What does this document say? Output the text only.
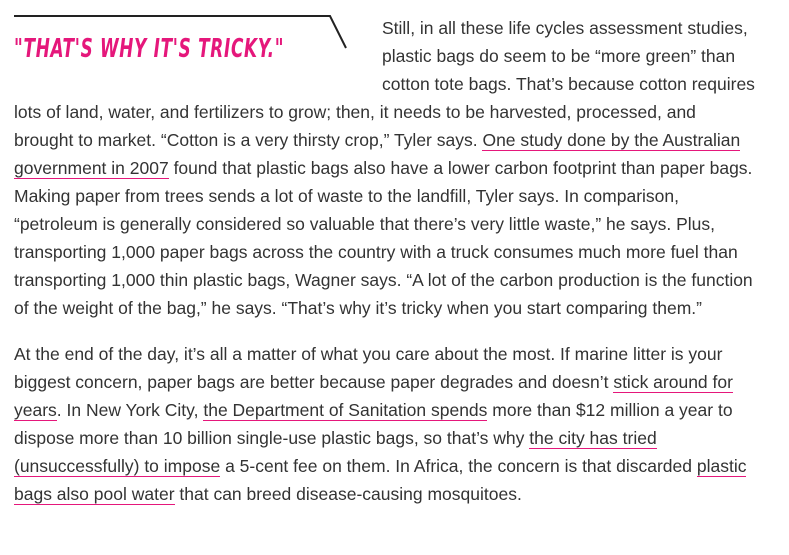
"THAT'S WHY IT'S TRICKY."

Still, in all these life cycles assessment studies, plastic bags do seem to be “more green” than cotton tote bags. That’s because cotton requires lots of land, water, and fertilizers to grow; then, it needs to be harvested, processed, and brought to market. “Cotton is a very thirsty crop,” Tyler says. One study done by the Australian government in 2007 found that plastic bags also have a lower carbon footprint than paper bags. Making paper from trees sends a lot of waste to the landfill, Tyler says. In comparison, “petroleum is generally considered so valuable that there’s very little waste,” he says. Plus, transporting 1,000 paper bags across the country with a truck consumes much more fuel than transporting 1,000 thin plastic bags, Wagner says. “A lot of the carbon production is the function of the weight of the bag,” he says. “That’s why it’s tricky when you start comparing them.”

At the end of the day, it’s all a matter of what you care about the most. If marine litter is your biggest concern, paper bags are better because paper degrades and doesn’t stick around for years. In New York City, the Department of Sanitation spends more than $12 million a year to dispose more than 10 billion single-use plastic bags, so that’s why the city has tried (unsuccessfully) to impose a 5-cent fee on them. In Africa, the concern is that discarded plastic bags also pool water that can breed disease-causing mosquitoes.
